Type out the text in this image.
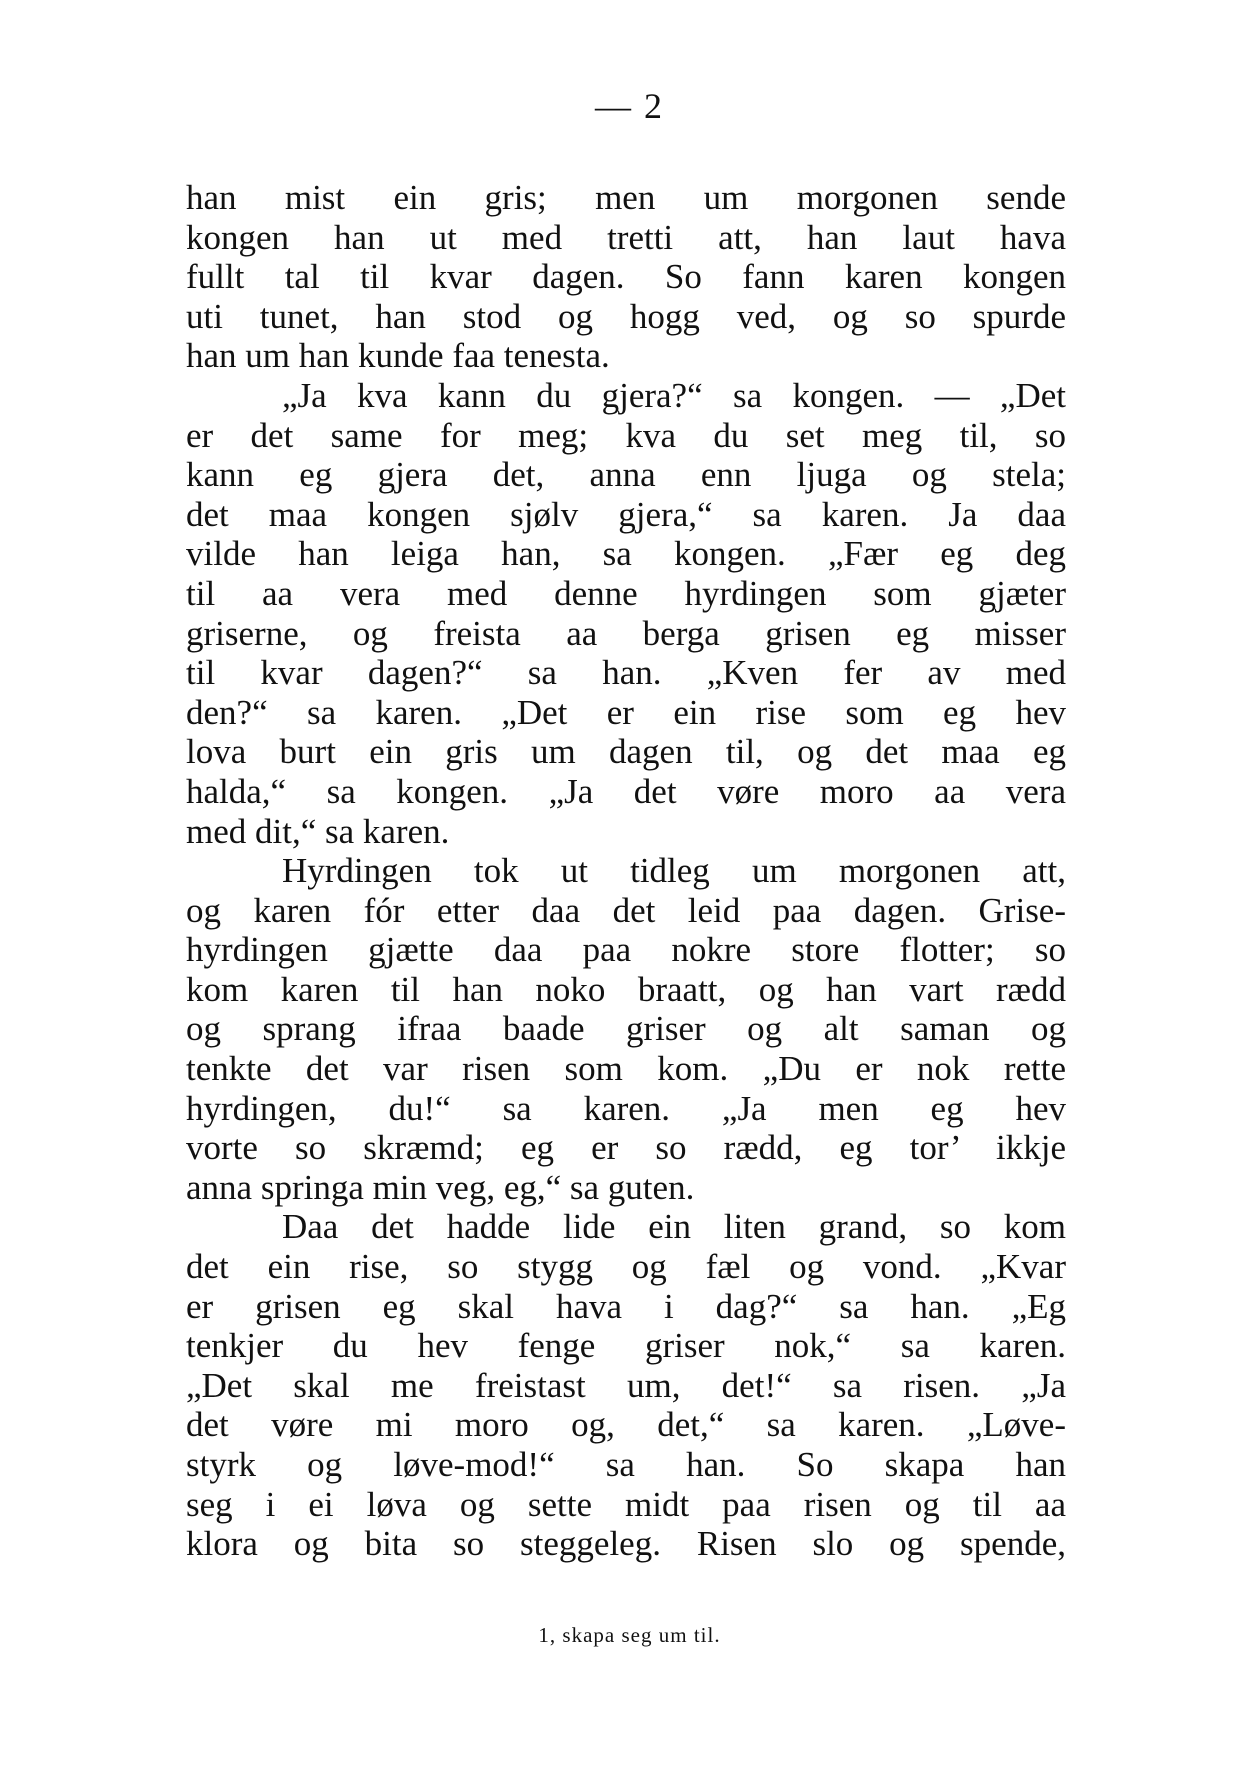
— 2
han mist ein gris; men um morgonen sende
kongen han ut med tretti att, han laut hava
fullt tal til kvar dagen. So fann karen kongen
uti tunet, han stod og hogg ved, og so spurde
han um han kunde faa tenesta.
„Ja kva kann du gjera?“ sa kongen. — „Det
er det same for meg; kva du set meg til, so
kann eg gjera det, anna enn ljuga og stela;
det maa kongen sjølv gjera,“ sa karen. Ja daa
vilde han leiga han, sa kongen. „Fær eg deg
til aa vera med denne hyrdingen som gjæter
griserne, og freista aa berga grisen eg misser
til kvar dagen?“ sa han. „Kven fer av med
den?“ sa karen. „Det er ein rise som eg hev
lova burt ein gris um dagen til, og det maa eg
halda,“ sa kongen. „Ja det vøre moro aa vera
med dit,“ sa karen.
Hyrdingen tok ut tidleg um morgonen att,
og karen fór etter daa det leid paa dagen. Grise-
hyrdingen gjætte daa paa nokre store flotter; so
kom karen til han noko braatt, og han vart rædd
og sprang ifraa baade griser og alt saman og
tenkte det var risen som kom. „Du er nok rette
hyrdingen, du!“ sa karen. „Ja men eg hev
vorte so skræmd; eg er so rædd, eg tor’ ikkje
anna springa min veg, eg,“ sa guten.
Daa det hadde lide ein liten grand, so kom
det ein rise, so stygg og fæl og vond. „Kvar
er grisen eg skal hava i dag?“ sa han. „Eg
tenkjer du hev fenge griser nok,“ sa karen.
„Det skal me freistast um, det!“ sa risen. „Ja
det vøre mi moro og, det,“ sa karen. „Løve-
styrk og løve-mod!“ sa han. So skapa han
seg i ei løva og sette midt paa risen og til aa
klora og bita so steggeleg. Risen slo og spende,
1, skapa seg um til.
